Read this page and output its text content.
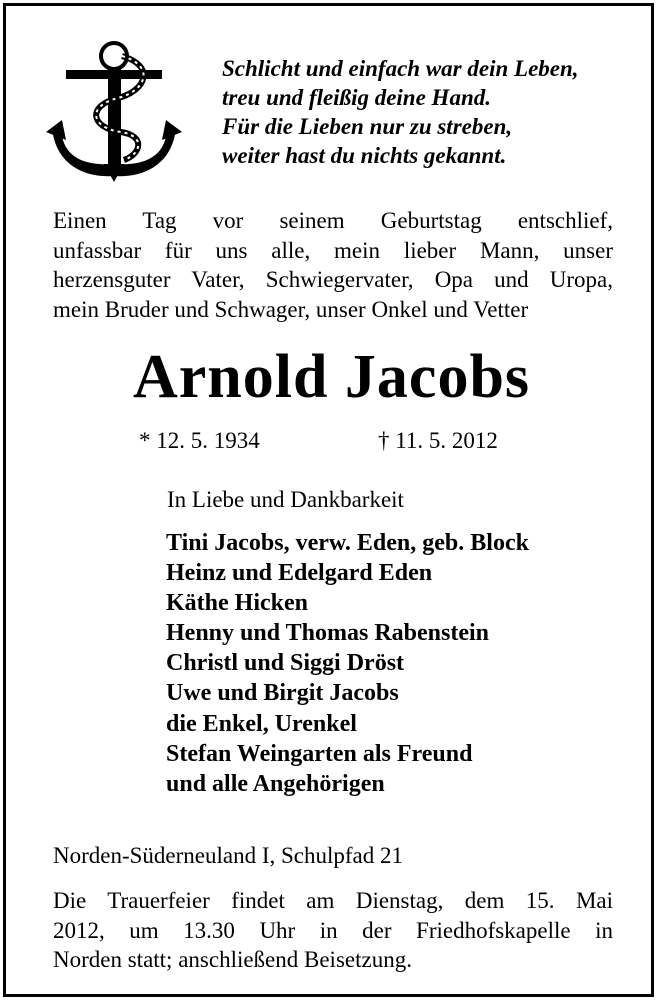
Schlicht und einfach war dein Leben,
treu und fleißig deine Hand.
Für die Lieben nur zu streben,
weiter hast du nichts gekannt.
Einen Tag vor seinem Geburtstag entschlief,
unfassbar für uns alle, mein lieber Mann, unser
herzensguter Vater, Schwiegervater, Opa und Uropa,
mein Bruder und Schwager, unser Onkel und Vetter
Arnold Jacobs
* 12. 5. 1934	† 11. 5. 2012
In Liebe und Dankbarkeit
Tini Jacobs, verw. Eden, geb. Block
Heinz und Edelgard Eden
Käthe Hicken
Henny und Thomas Rabenstein
Christl und Siggi Dröst
Uwe und Birgit Jacobs
die Enkel, Urenkel
Stefan Weingarten als Freund
und alle Angehörigen
Norden-Süderneuland I, Schulpfad 21
Die Trauerfeier findet am Dienstag, dem 15. Mai
2012, um 13.30 Uhr in der Friedhofskapelle in
Norden statt; anschließend Beisetzung.
